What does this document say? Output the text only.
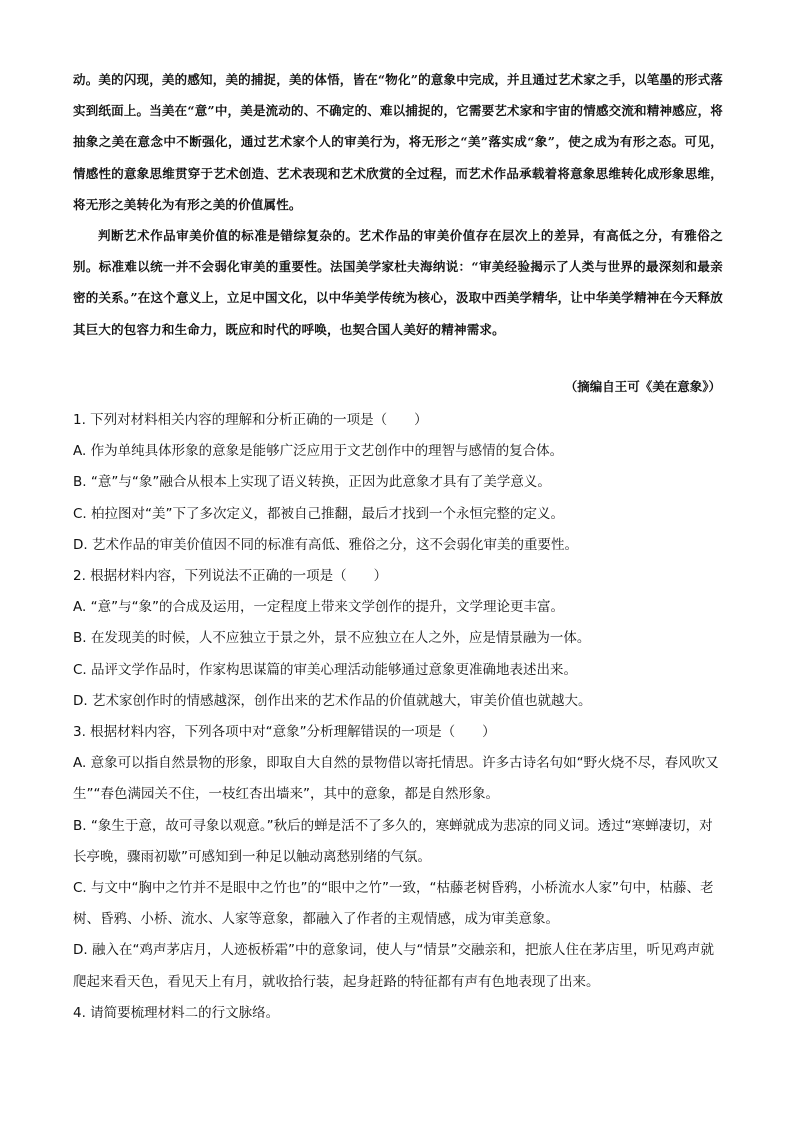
动。美的闪现，美的感知，美的捕捉，美的体悟，皆在“物化”的意象中完成，并且通过艺术家之手，以笔墨的形式落实到纸面上。当美在“意”中，美是流动的、不确定的、难以捕捉的，它需要艺术家和宇宙的情感交流和精神感应，将抽象之美在意念中不断强化，通过艺术家个人的审美行为，将无形之“美”落实成“象”，使之成为有形之态。可见，情感性的意象思维贯穿于艺术创造、艺术表现和艺术欣赏的全过程，而艺术作品承载着将意象思维转化成形象思维，将无形之美转化为有形之美的价值属性。

判断艺术作品审美价值的标准是错综复杂的。艺术作品的审美价值存在层次上的差异，有高低之分，有雅俗之别。标准难以统一并不会弱化审美的重要性。法国美学家杜夫海纳说：“审美经验揭示了人类与世界的最深刻和最亲密的关系。”在这个意义上，立足中国文化，以中华美学传统为核心，汲取中西美学精华，让中华美学精神在今天释放其巨大的包容力和生命力，既应和时代的呼唤，也契合国人美好的精神需求。

（摘编自王可《美在意象》）

1. 下列对材料相关内容的理解和分析正确的一项是（　　）

A. 作为单纯具体形象的意象是能够广泛应用于文艺创作中的理智与感情的复合体。

B. “意”与“象”融合从根本上实现了语义转换，正因为此意象才具有了美学意义。

C. 柏拉图对“美”下了多次定义，都被自己推翻，最后才找到一个永恒完整的定义。

D. 艺术作品的审美价值因不同的标准有高低、雅俗之分，这不会弱化审美的重要性。

2. 根据材料内容，下列说法不正确的一项是（　　）

A. “意”与“象”的合成及运用，一定程度上带来文学创作的提升，文学理论更丰富。

B. 在发现美的时候，人不应独立于景之外，景不应独立在人之外，应是情景融为一体。

C. 品评文学作品时，作家构思谋篇的审美心理活动能够通过意象更准确地表述出来。

D. 艺术家创作时的情感越深，创作出来的艺术作品的价值就越大，审美价值也就越大。

3. 根据材料内容，下列各项中对“意象”分析理解错误的一项是（　　）

A. 意象可以指自然景物的形象，即取自大自然的景物借以寄托情思。许多古诗名句如“野火烧不尽，春风吹又生”“春色满园关不住，一枝红杏出墙来”，其中的意象，都是自然形象。

B. “象生于意，故可寻象以观意。”秋后的蝉是活不了多久的，寒蝉就成为悲凉的同义词。透过“寒蝉凄切，对长亭晚，骤雨初歇”可感知到一种足以触动离愁别绪的气氛。

C. 与文中“胸中之竹并不是眼中之竹也”的“眼中之竹”一致，“枯藤老树昏鸦，小桥流水人家”句中，枯藤、老树、昏鸦、小桥、流水、人家等意象，都融入了作者的主观情感，成为审美意象。

D. 融入在“鸡声茅店月，人迹板桥霜”中的意象词，使人与“情景”交融亲和，把旅人住在茅店里，听见鸡声就爬起来看天色，看见天上有月，就收拾行装，起身赶路的特征都有声有色地表现了出来。

4. 请简要梳理材料二的行文脉络。
